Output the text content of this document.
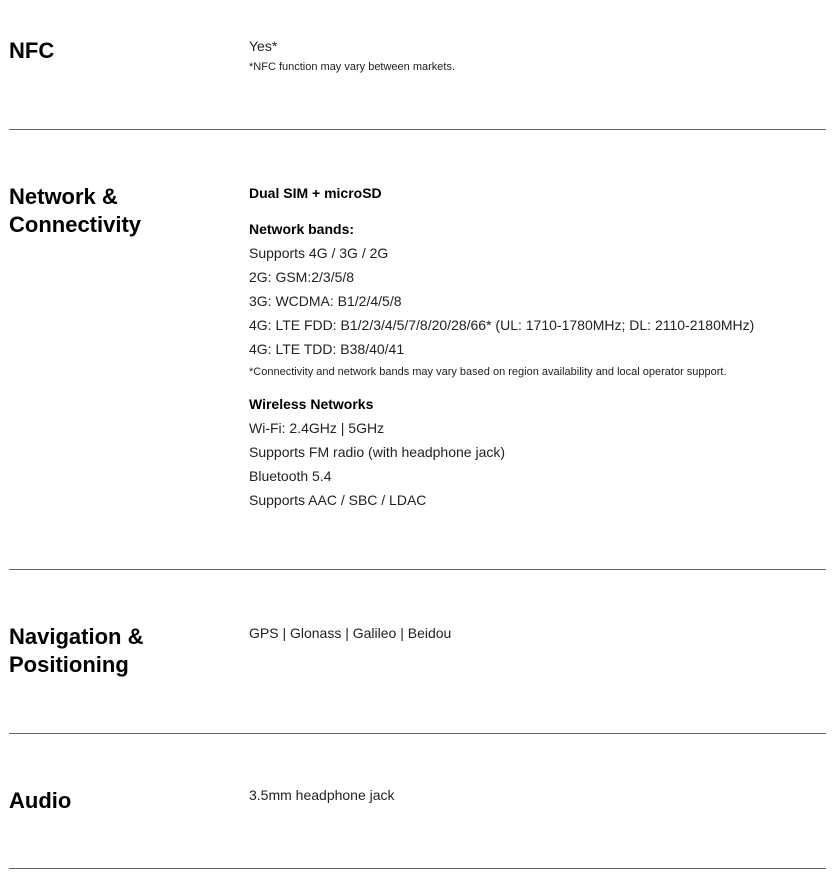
NFC	Yes*
*NFC function may vary between markets.
Network &
Connectivity
Dual SIM + microSD
Network bands:
Supports 4G / 3G / 2G
2G: GSM:2/3/5/8
3G: WCDMA: B1/2/4/5/8
4G: LTE FDD: B1/2/3/4/5/7/8/20/28/66* (UL: 1710-1780MHz; DL: 2110-2180MHz)
4G: LTE TDD: B38/40/41
*Connectivity and network bands may vary based on region availability and local operator support.
Wireless Networks
Wi-Fi: 2.4GHz | 5GHz
Supports FM radio (with headphone jack)
Bluetooth 5.4
Supports AAC / SBC / LDAC
Navigation &
Positioning
GPS | Glonass | Galileo | Beidou
Audio	3.5mm headphone jack
